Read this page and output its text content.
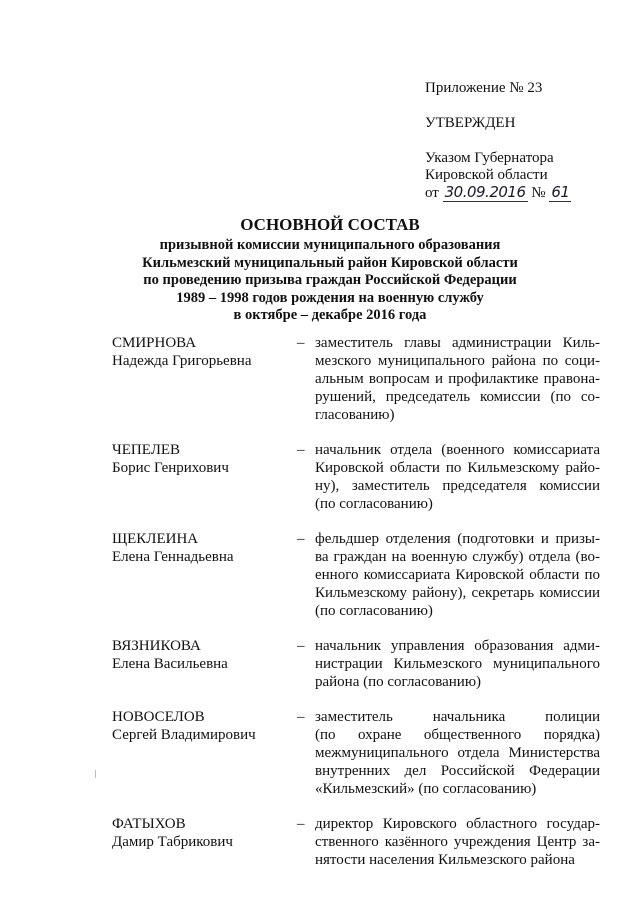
Приложение № 23
УТВЕРЖДЕН
Указом Губернатора
Кировской области
от 30.09.2016 № 61
ОСНОВНОЙ СОСТАВ
призывной комиссии муниципального образования
Кильмезский муниципальный район Кировской области
по проведению призыва граждан Российской Федерации
1989 – 1998 годов рождения на военную службу
в октябре – декабре 2016 года
СМИРНОВА
Надежда Григорьевна
– заместитель главы администрации Киль-
мезского муниципального района по соци-
альным вопросам и профилактике правона-
рушений, председатель комиссии (по со-
гласованию)
ЧЕПЕЛЕВ
Борис Генрихович
– начальник отдела (военного комиссариата
Кировской области по Кильмезскому райо-
ну), заместитель председателя комиссии
(по согласованию)
ЩЕКЛЕИНА
Елена Геннадьевна
– фельдшер отделения (подготовки и призы-
ва граждан на военную службу) отдела (во-
енного комиссариата Кировской области по
Кильмезскому району), секретарь комиссии
(по согласованию)
ВЯЗНИКОВА
Елена Васильевна
– начальник управления образования адми-
нистрации Кильмезского муниципального
района (по согласованию)
НОВОСЕЛОВ
Сергей Владимирович
– заместитель начальника полиции
(по охране общественного порядка)
межмуниципального отдела Министерства
внутренних дел Российской Федерации
«Кильмезский» (по согласованию)
ФАТЫХОВ
Дамир Табрикович
– директор Кировского областного государ-
ственного казённого учреждения Центр за-
нятости населения Кильмезского района
